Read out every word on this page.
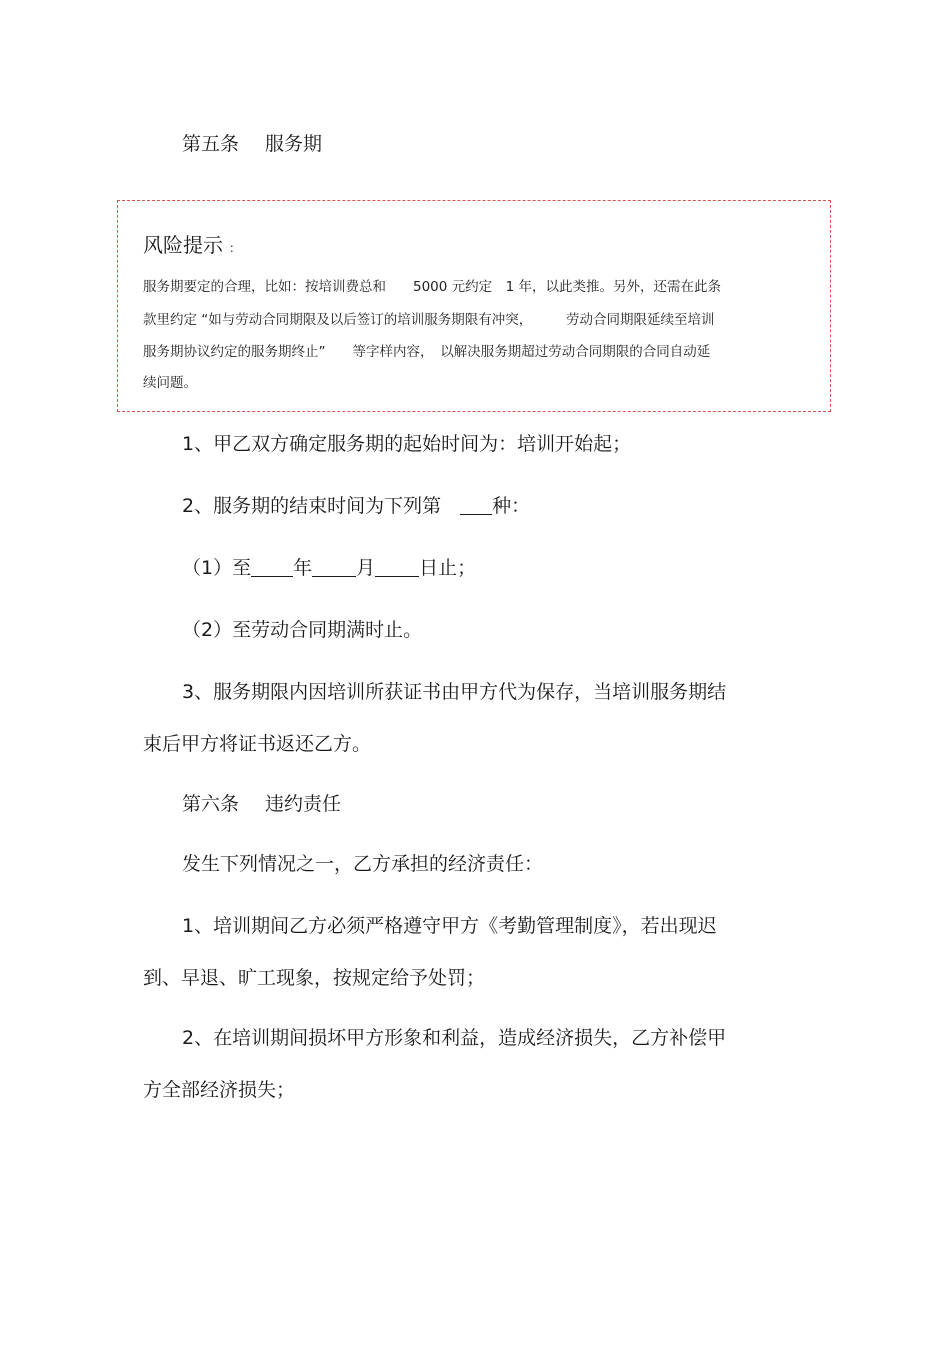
第五条 服务期
风险提示 ：
服务期要定的合理，比如：按培训费总和　　5000 元约定　1 年，以此类推。另外，还需在此条
款里约定 “如与劳动合同期限及以后签订的培训服务期限有冲突，　　　劳动合同期限延续至培训
服务期协议约定的服务期终止”　　等字样内容，　以解决服务期超过劳动合同期限的合同自动延
续问题。
1、甲乙双方确定服务期的起始时间为：培训开始起；
2、服务期的结束时间为下列第　种：
（1）至 年 月 日止；
（2）至劳动合同期满时止。
3、服务期限内因培训所获证书由甲方代为保存，当培训服务期结
束后甲方将证书返还乙方。
第六条 违约责任
发生下列情况之一，乙方承担的经济责任：
1、培训期间乙方必须严格遵守甲方《考勤管理制度》，若出现迟
到、早退、旷工现象，按规定给予处罚；
2、在培训期间损坏甲方形象和利益，造成经济损失，乙方补偿甲
方全部经济损失；
